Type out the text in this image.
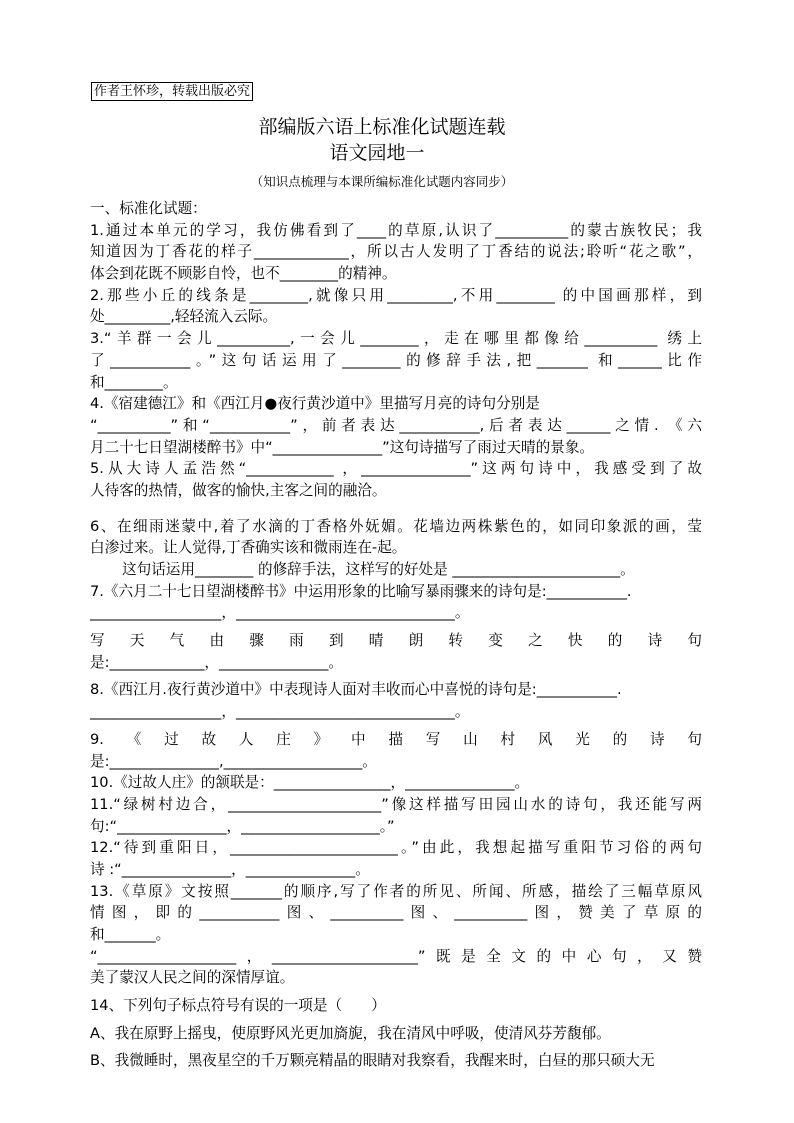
作者王怀珍，转载出版必究
部编版六语上标准化试题连载
语文园地一
（知识点梳理与本课所编标准化试题内容同步）
一、标准化试题：
1.通过本单元的学习，我仿佛看到了____的草原,认识了__________的蒙古族牧民；我
知道因为丁香花的样子_____________，所以古人发明了丁香结的说法;聆听“花之歌”，
体会到花既不顾影自怜，也不________的精神。
2.那些小丘的线条是________,就像只用_________,不用________ 的中国画那样，到
处_________,轻轻流入云际。
3.“羊群一会儿__________,一会儿________，走在哪里都像给__________ 绣上
了___________。”这句话运用了________的修辞手法,把_______ 和______比作
和________。
4.《宿建德江》和《西江月●夜行黄沙道中》里描写月亮的诗句分别是
“__________”和“___________”，前者表达___________,后者表达______之情. 《六
月二十七日望湖楼醉书》中“_______________”这句诗描写了雨过天晴的景象。
5.从大诗人孟浩然“____________ ，_______________”这两句诗中，我感受到了故
人待客的热情，做客的愉快,主客之间的融洽。
6、在细雨迷蒙中,着了水滴的丁香格外妩媚。花墙边两株紫色的，如同印象派的画，莹
白渗过来。让人觉得,丁香确实该和微雨连在-起。
这句话运用________ 的修辞手法，这样写的好处是 _______________________。
7.《六月二十七日望湖楼醉书》中运用形象的比喻写暴雨骤来的诗句是:___________.
__________________，______________________________。
写天气由骤雨到晴朗转变之快的诗句
是:_____________，_______________。
8.《西江月.夜行黄沙道中》中表现诗人面对丰收而心中喜悦的诗句是:___________.
__________________，______________________________。
9.《过故人庄》中描写山村风光的诗句
是:_______________,___________________。
10.《过故人庄》的颔联是：________________，_______________。
11.“绿树村边合，_____________________”像这样描写田园山水的诗句，我还能写两
句:“_______________，___________________。”
12.“待到重阳日，_______________________。”由此，我想起描写重阳节习俗的两句
诗 :“_______________，_______________。
13.《草原》文按照_______的顺序,写了作者的所见、所闻、所感，描绘了三幅草原风
情图，即的___________图、__________图、__________图，赞美了草原的
和_______。
“___________________，____________________”既是全文的中心句，又赞
美了蒙汉人民之间的深情厚谊。
14、下列句子标点符号有误的一项是（　　）
A、我在原野上摇曳，使原野风光更加旖旎，我在清风中呼吸，使清风芬芳馥郁。
B、我微睡时，黑夜星空的千万颗亮精晶的眼睛对我察看，我醒来时，白昼的那只硕大无
